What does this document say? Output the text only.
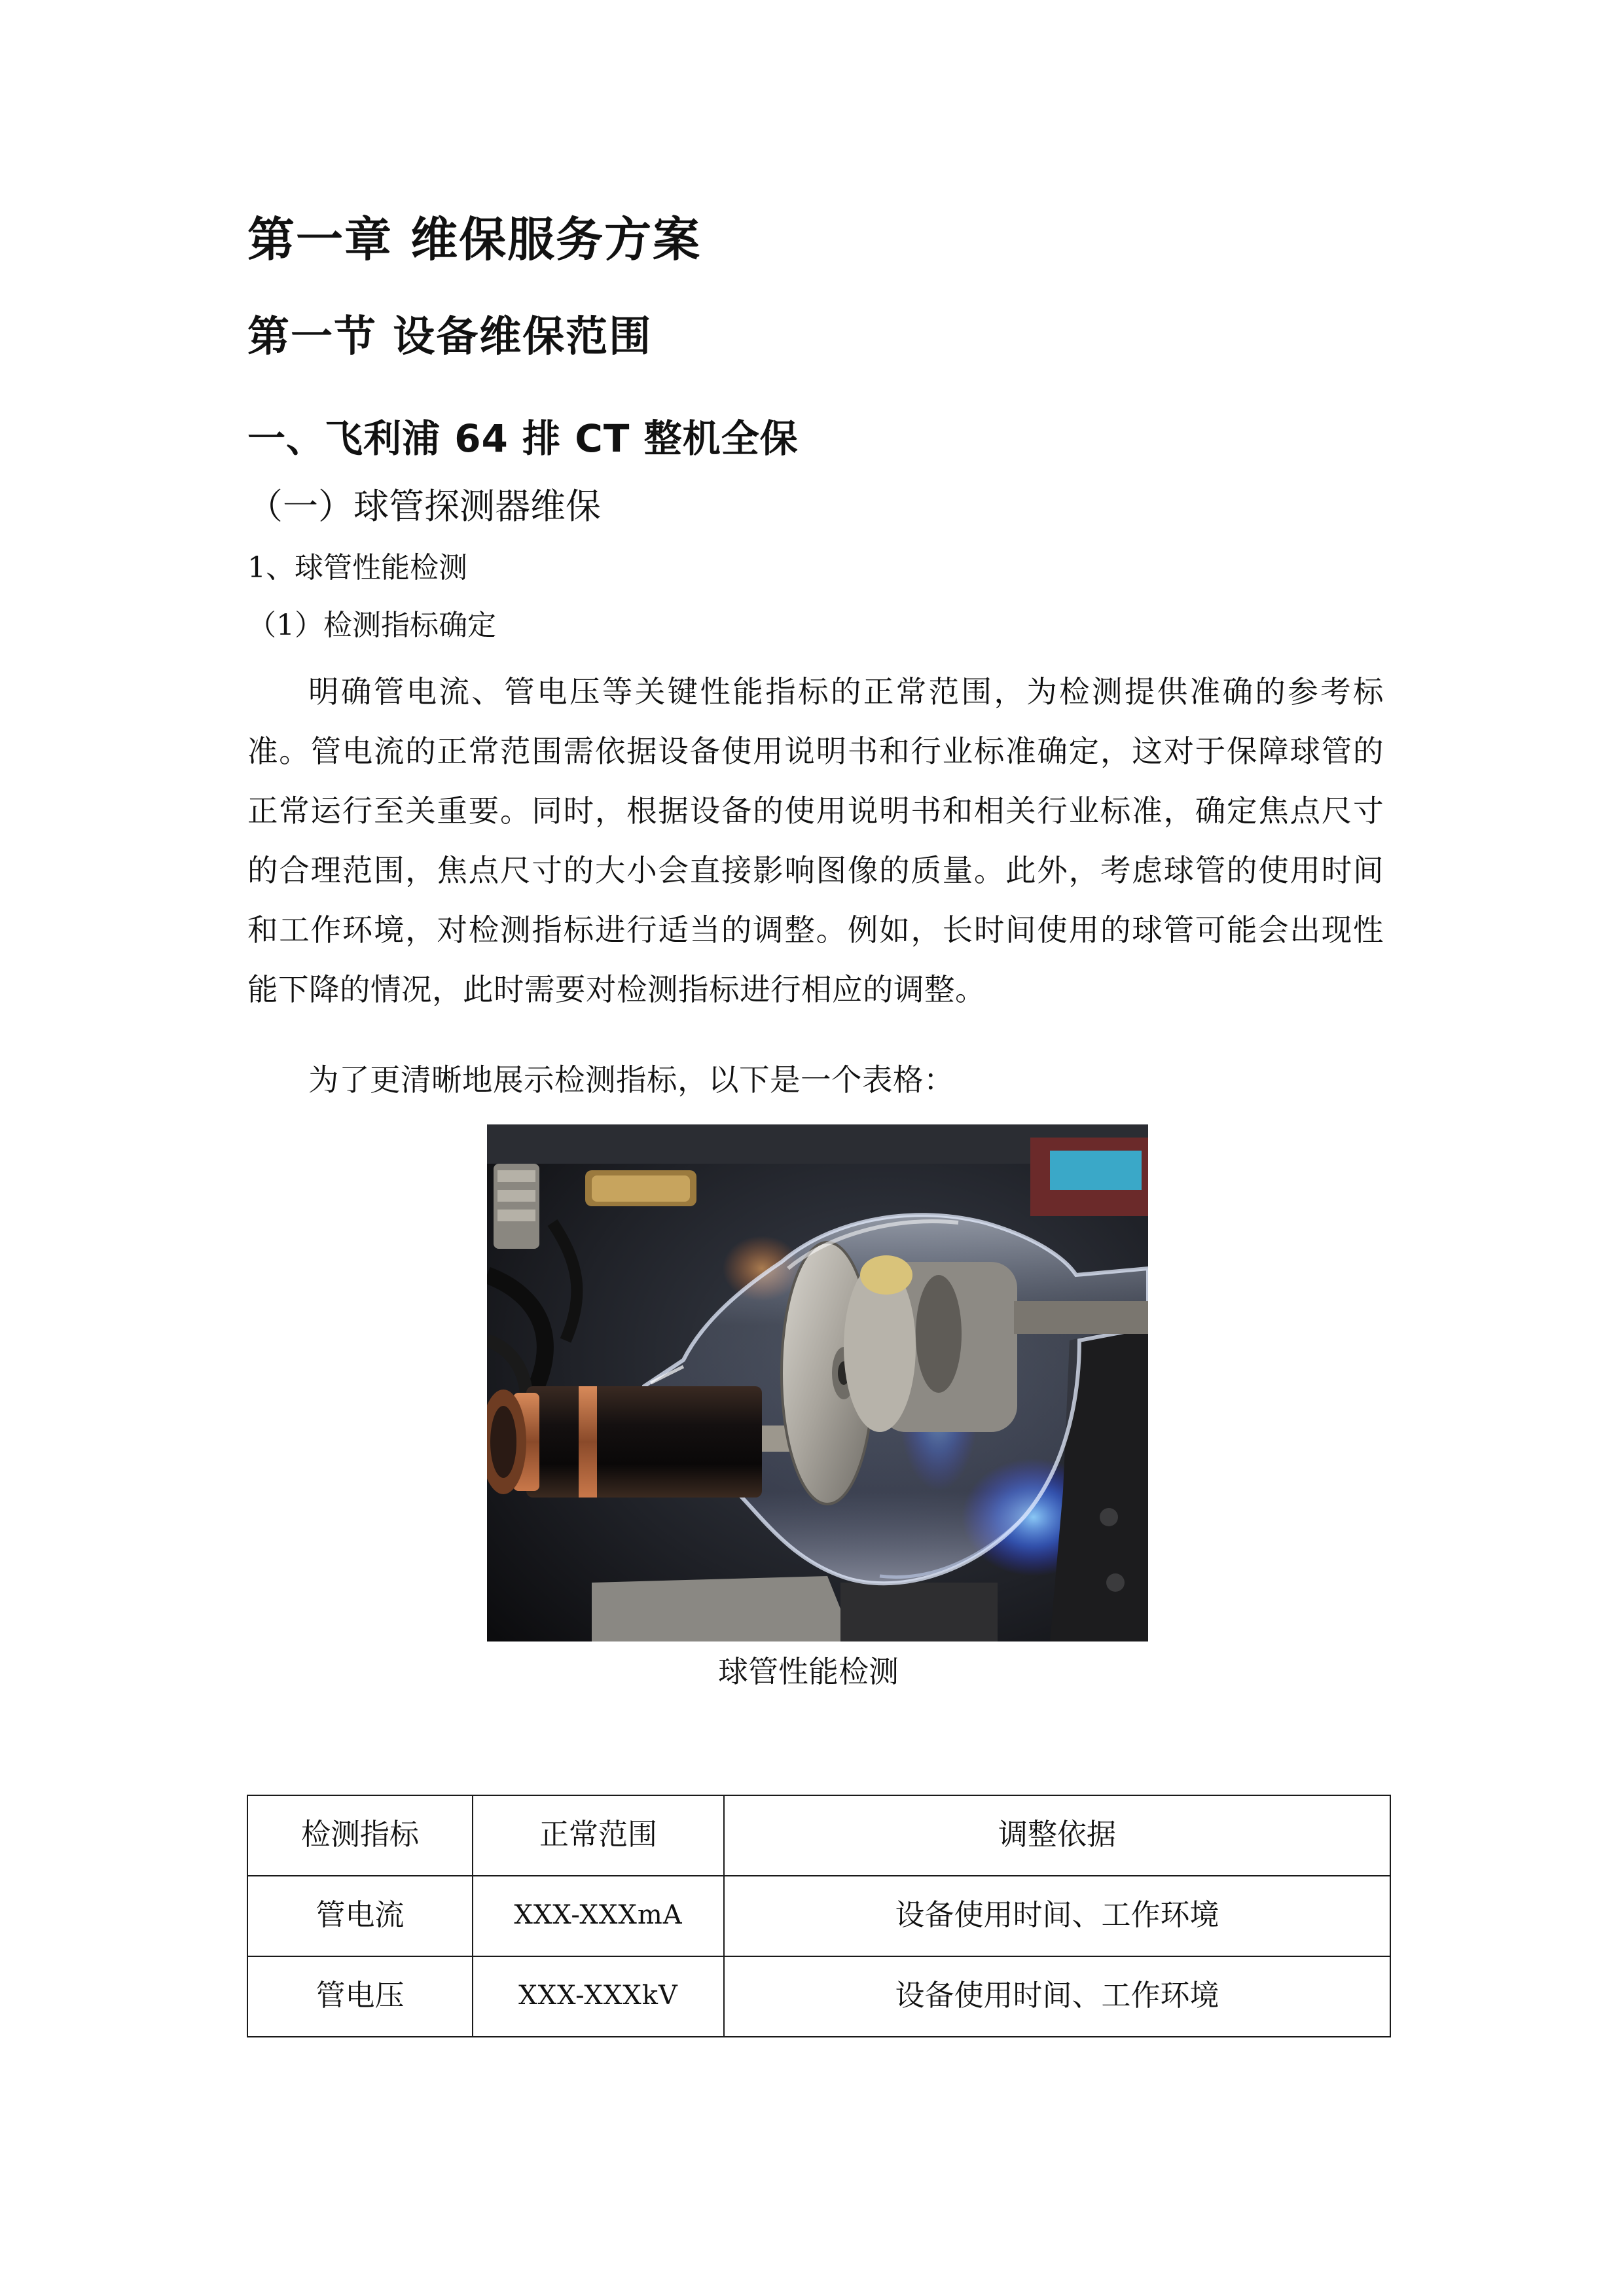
第一章 维保服务方案
第一节 设备维保范围
一、飞利浦 64 排 CT 整机全保
（一）球管探测器维保
1、球管性能检测
（1）检测指标确定
明确管电流、管电压等关键性能指标的正常范围，为检测提供准确的参考标准。管电流的正常范围需依据设备使用说明书和行业标准确定，这对于保障球管的正常运行至关重要。同时，根据设备的使用说明书和相关行业标准，确定焦点尺寸的合理范围，焦点尺寸的大小会直接影响图像的质量。此外，考虑球管的使用时间和工作环境，对检测指标进行适当的调整。例如，长时间使用的球管可能会出现性能下降的情况，此时需要对检测指标进行相应的调整。
为了更清晰地展示检测指标，以下是一个表格：
球管性能检测
检测指标	正常范围	调整依据
管电流	XXX-XXXmA	设备使用时间、工作环境
管电压	XXX-XXXkV	设备使用时间、工作环境
